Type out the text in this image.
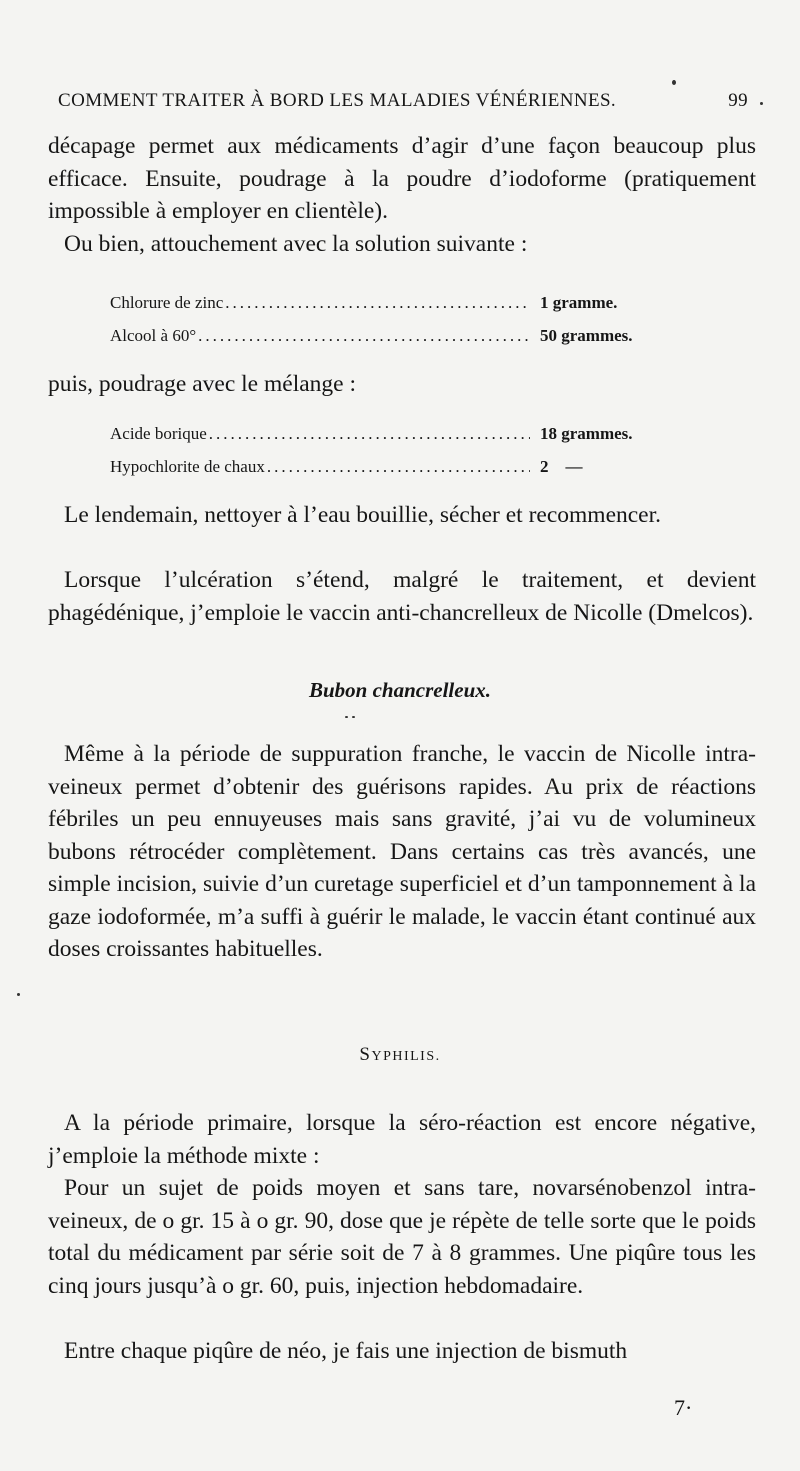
COMMENT TRAITER À BORD LES MALADIES VÉNÉRIENNES.	99

décapage permet aux médicaments d’agir d’une façon beaucoup plus efficace. Ensuite, poudrage à la poudre d’iodoforme (pratiquement impossible à employer en clientèle).

Ou bien, attouchement avec la solution suivante :

Chlorure de zinc .....	1 gramme.
Alcool à 60° .....	50 grammes.

puis, poudrage avec le mélange :

Acide borique .....	18 grammes.
Hypochlorite de chaux .....	2    —

Le lendemain, nettoyer à l’eau bouillie, sécher et recommencer.

Lorsque l’ulcération s’étend, malgré le traitement, et devient phagédénique, j’emploie le vaccin anti-chancrelleux de Nicolle (Dmelcos).

Bubon chancrelleux.

Même à la période de suppuration franche, le vaccin de Nicolle intra-veineux permet d’obtenir des guérisons rapides. Au prix de réactions fébriles un peu ennuyeuses mais sans gravité, j’ai vu de volumineux bubons rétrocéder complètement. Dans certains cas très avancés, une simple incision, suivie d’un curetage superficiel et d’un tamponnement à la gaze iodoformée, m’a suffi à guérir le malade, le vaccin étant continué aux doses croissantes habituelles.

SYPHILIS.

A la période primaire, lorsque la séro-réaction est encore négative, j’emploie la méthode mixte :

Pour un sujet de poids moyen et sans tare, novarsénobenzol intra-veineux, de o gr. 15 à o gr. 90, dose que je répète de telle sorte que le poids total du médicament par série soit de 7 à 8 grammes. Une piqûre tous les cinq jours jusqu’à o gr. 60, puis, injection hebdomadaire.

Entre chaque piqûre de néo, je fais une injection de bismuth

7·
